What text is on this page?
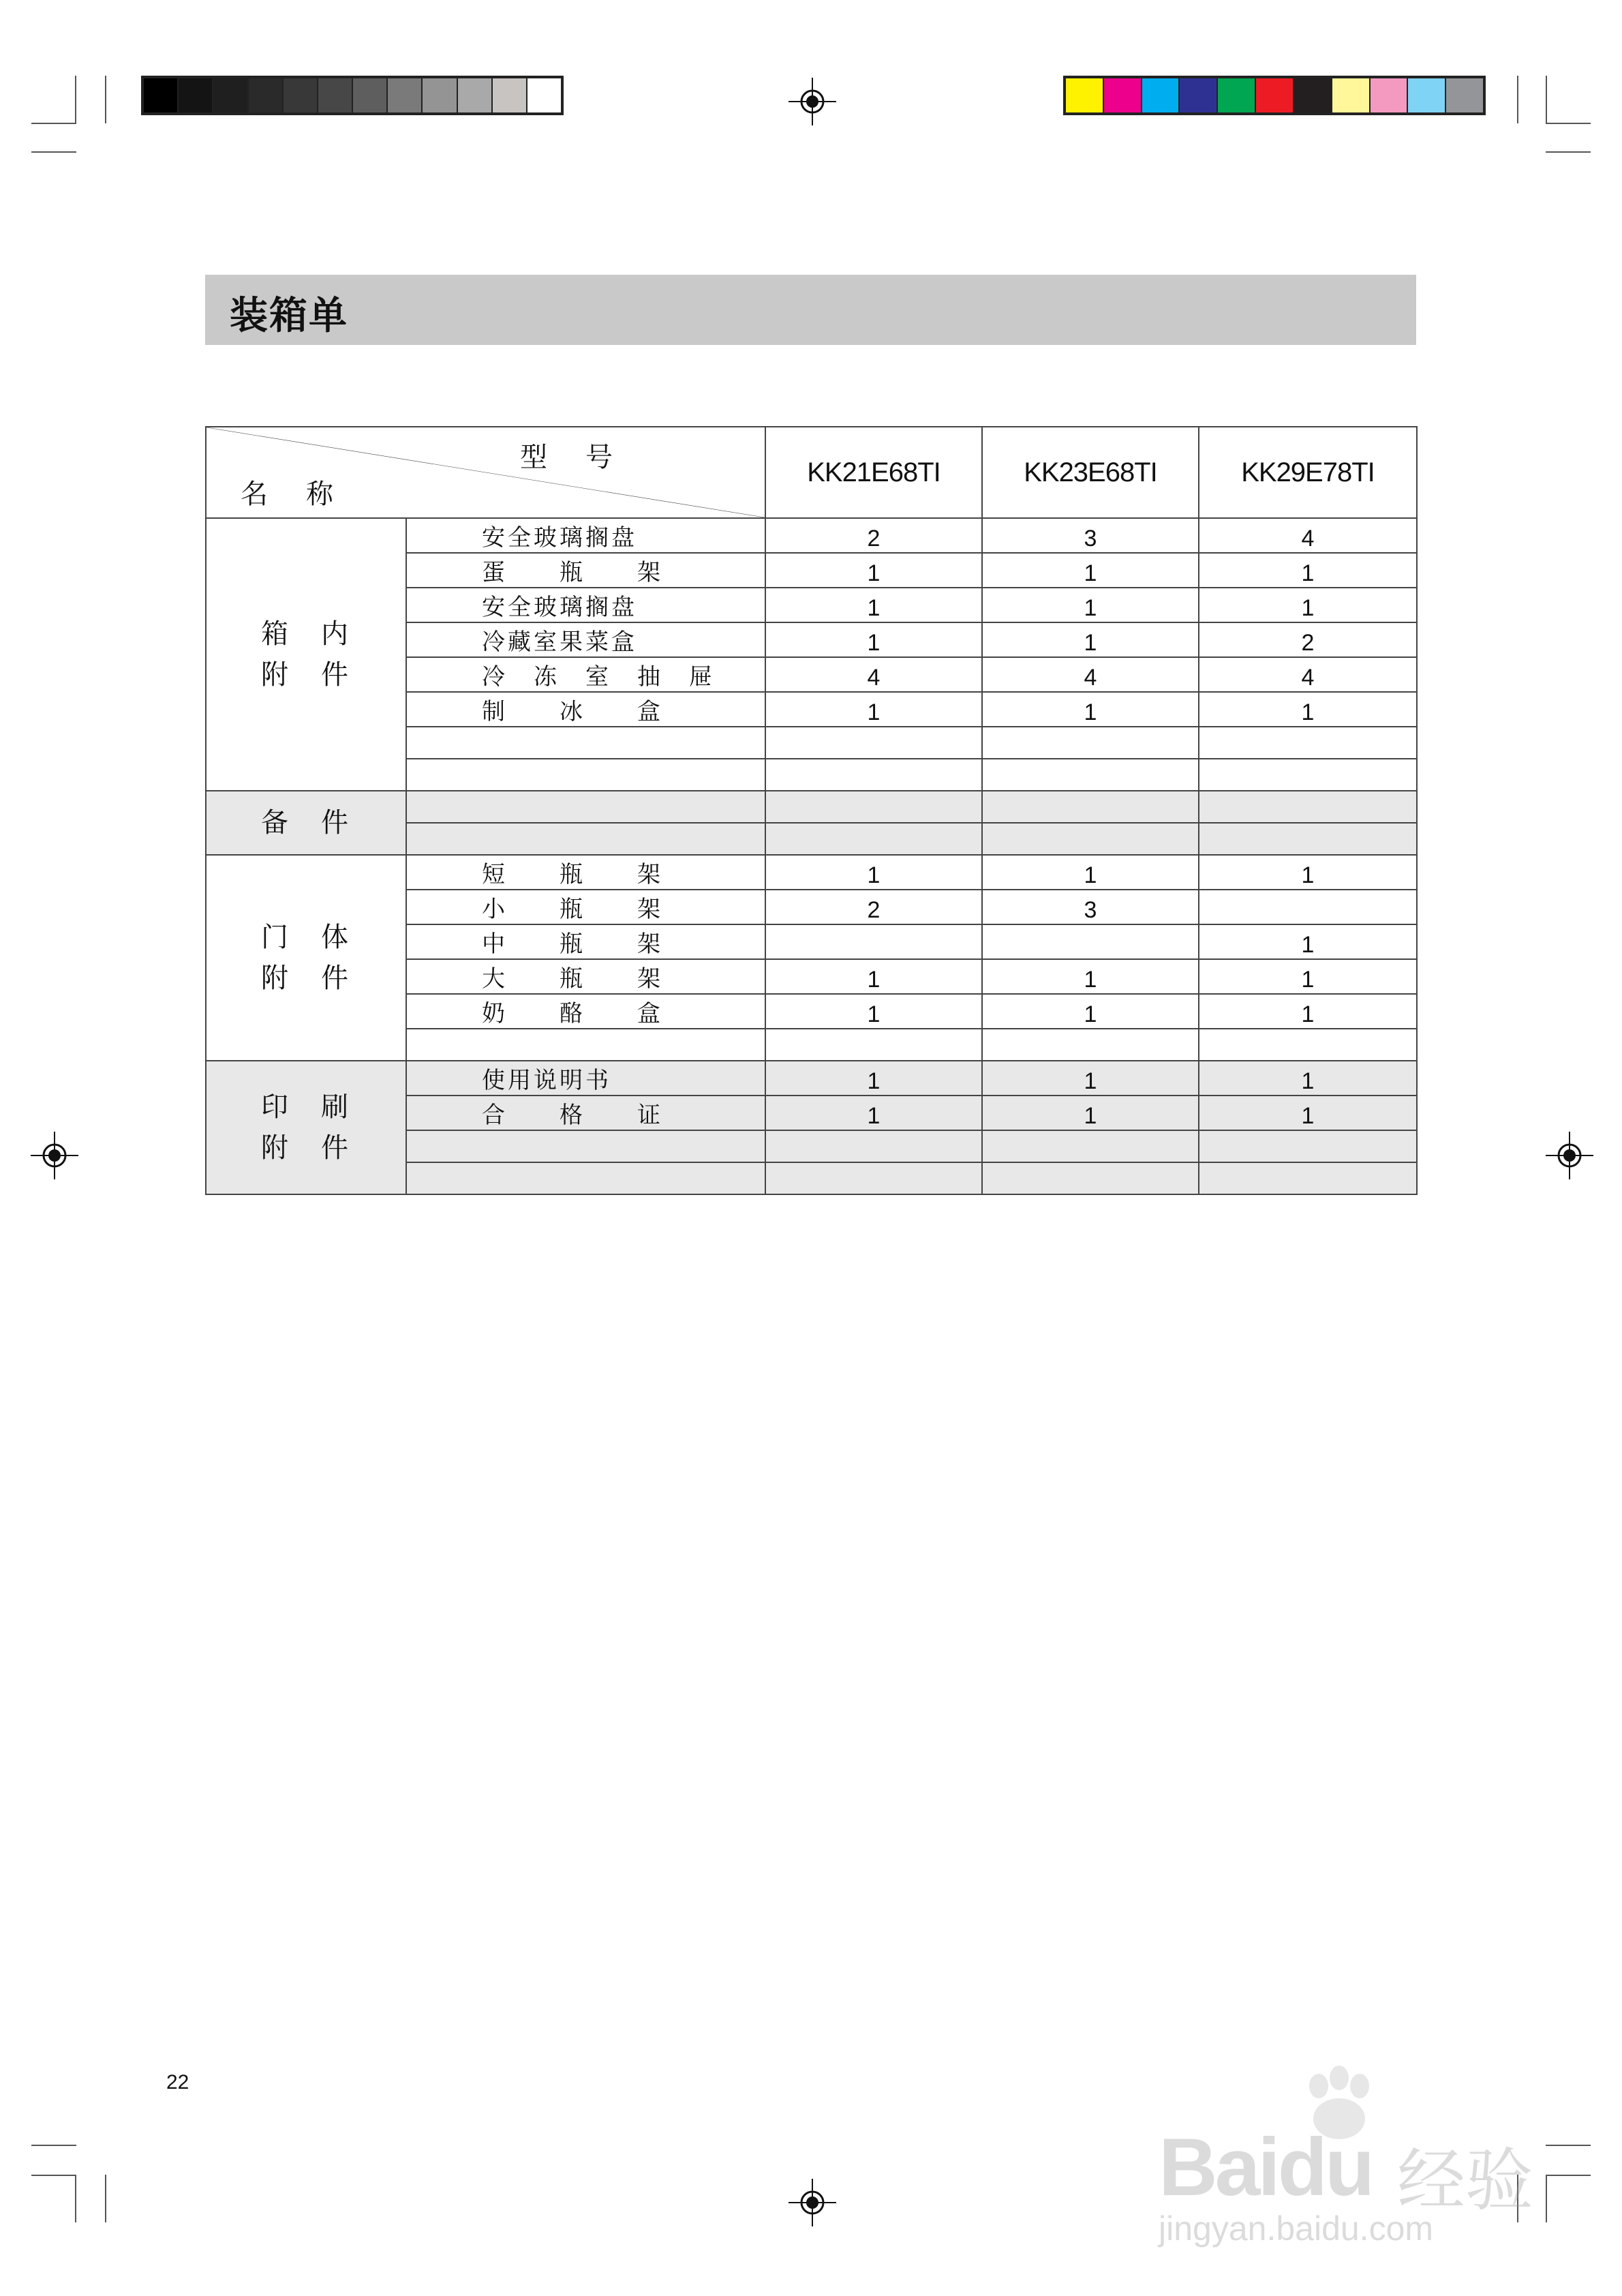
装箱单
型　号
名　称		KK21E68TI	KK23E68TI	KK29E78TI
箱　内
附　件	安全玻璃搁盘	2	3	4
	蛋　　瓶　　架	1	1	1
	安全玻璃搁盘	1	1	1
	冷藏室果菜盒	1	1	2
	冷　冻　室　抽　屉	4	4	4
	制　　冰　　盒	1	1	1

备　件				

门　体
附　件	短　　瓶　　架	1	1	1
	小　　瓶　　架	2	3	
	中　　瓶　　架			1
	大　　瓶　　架	1	1	1
	奶　　酪　　盒	1	1	1

印　刷
附　件	使用说明书	1	1	1
	合　　格　　证	1	1	1

22
Baidu 经验
jingyan.baidu.com
